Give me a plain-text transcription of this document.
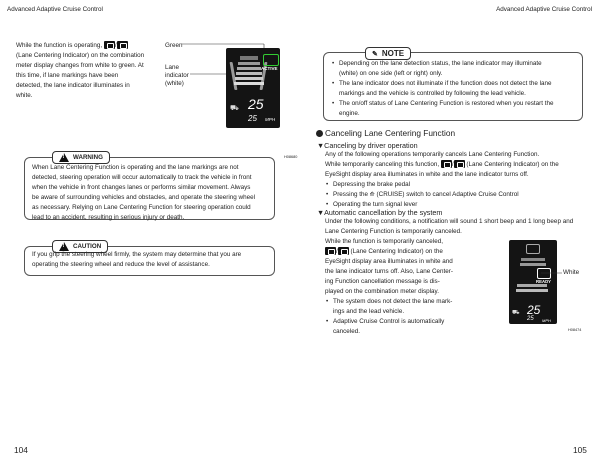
Advanced Adaptive Cruise Control	Advanced Adaptive Cruise Control
While the function is operating, /
(Lane Centering Indicator) on the combination
meter display changes from white to green. At
this time, if lane markings have been
detected, the lane indicator illuminates in
white.
Green
Lane
indicator
(white)
ACTIVE
⛟ 25
25 MPH
H08680
!
WARNING
When Lane Centering Function is operating and the lane markings are not
detected, steering operation will occur automatically to track the vehicle in front
when the vehicle in front changes lanes or performs similar movement. Always
be aware of surrounding vehicles and obstacles, and operate the steering wheel
as necessary. Relying on Lane Centering Function for steering operation could
lead to an accident, resulting in serious injury or death.
!
CAUTION
If you grip the steering wheel firmly, the system may determine that you are
operating the steering wheel and reduce the level of assistance.
104
✎ NOTE
• Depending on the lane detection status, the lane indicator may illuminate
(white) on one side (left or right) only.
• The lane indicator does not illuminate if the function does not detect the lane
markings and the vehicle is controlled by following the lead vehicle.
• The on/off status of Lane Centering Function is restored when you restart the
engine.
Canceling Lane Centering Function
▼Canceling by driver operation
Any of the following operations temporarily cancels Lane Centering Function.
While temporarily canceling this function, / (Lane Centering Indicator) on the
EyeSight display area illuminates in white and the lane indicator turns off.
• Depressing the brake pedal
• Pressing the ⟰ (CRUISE) switch to cancel Adaptive Cruise Control
• Operating the turn signal lever
▼Automatic cancellation by the system
Under the following conditions, a notification will sound 1 short beep and 1 long beep and
Lane Centering Function is temporarily canceled.
While the function is temporarily canceled,
/ (Lane Centering Indicator) on the
EyeSight display area illuminates in white and
the lane indicator turns off. Also, Lane Center-
ing Function cancellation message is dis-
played on the combination meter display.
• The system does not detect the lane mark-
ings and the lead vehicle.
• Adaptive Cruise Control is automatically
canceled.
READY
⛟ 25
25 MPH
White
H08474
105
